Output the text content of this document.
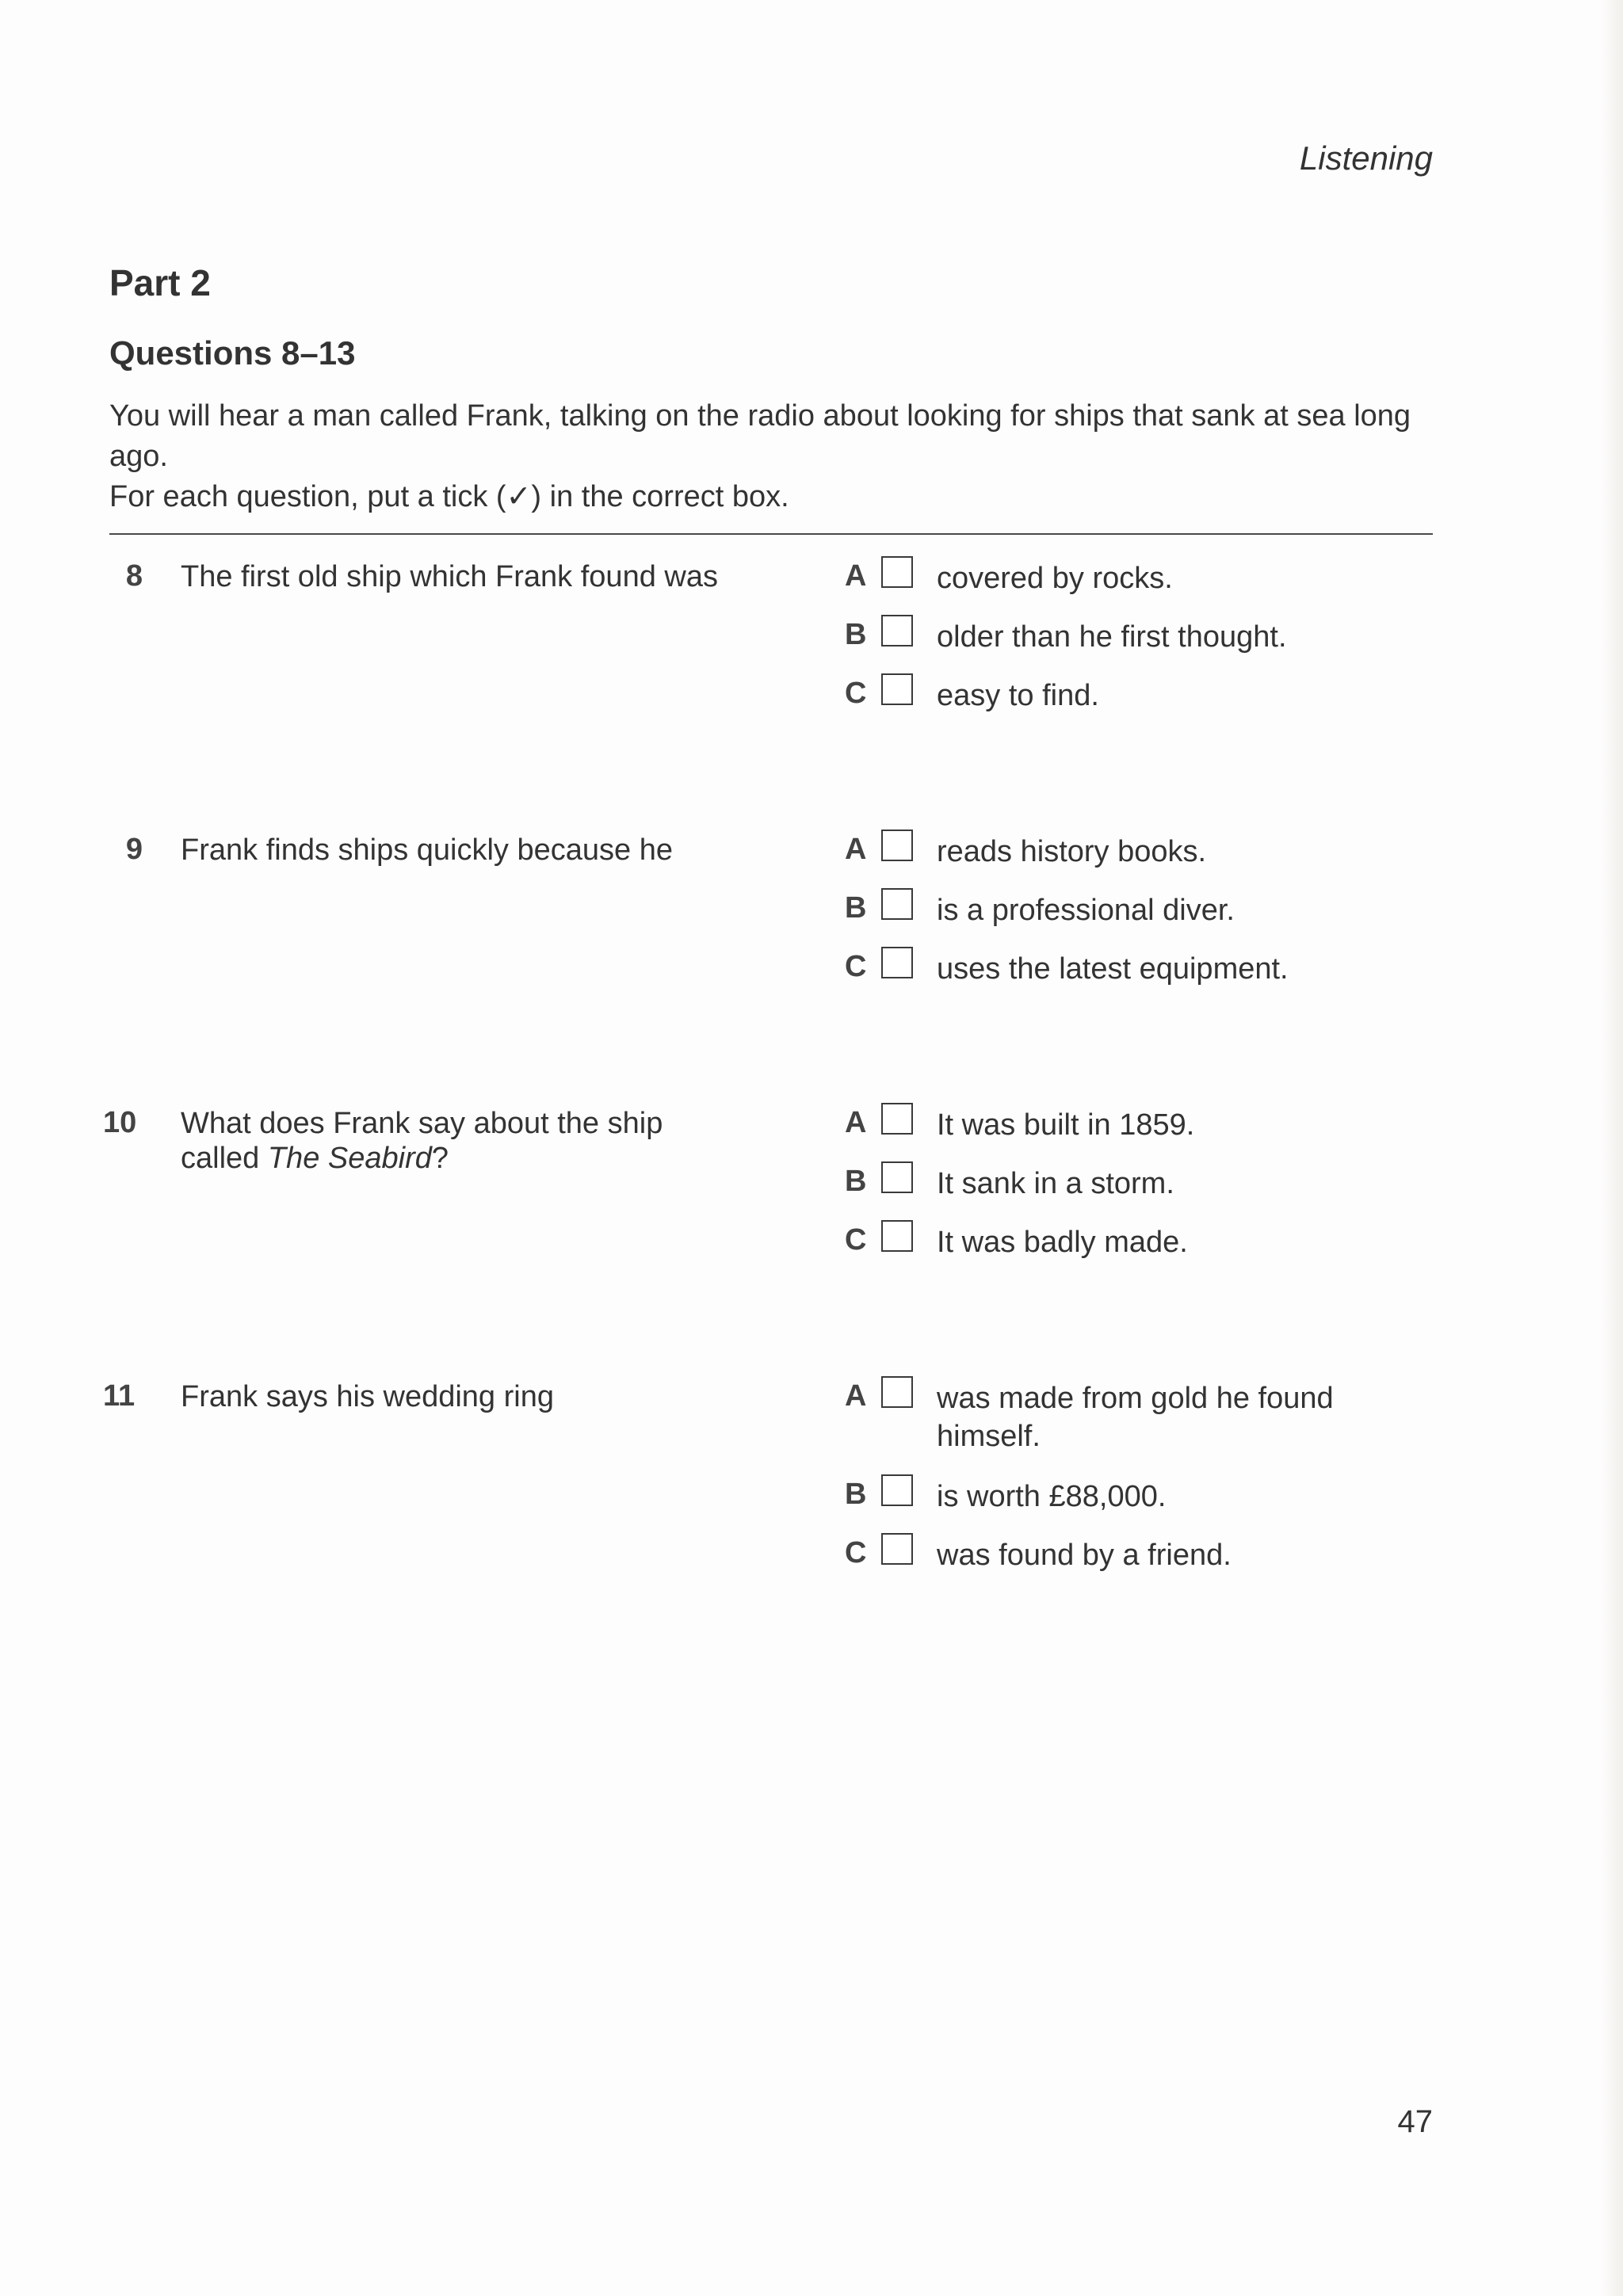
Listening

Part 2
Questions 8–13

You will hear a man called Frank, talking on the radio about looking for ships that sank at sea long ago.

For each question, put a tick (✓) in the correct box.

8 The first old ship which Frank found was	A covered by rocks.
B older than he first thought.
C easy to find.

9 Frank finds ships quickly because he	A reads history books.
B is a professional diver.
C uses the latest equipment.

10 What does Frank say about the ship called The Seabird?

A It was built in 1859.
B It sank in a storm.
C It was badly made.

11 Frank says his wedding ring	A was made from gold he found himself.
B is worth £88,000.
C was found by a friend.

47
